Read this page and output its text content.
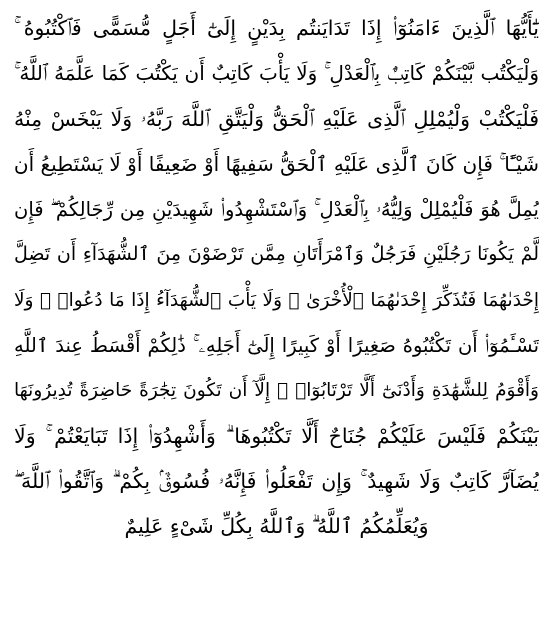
يَٰٓأَيُّهَا ٱلَّذِينَ ءَامَنُوٓا۟ إِذَا تَدَايَنتُم بِدَيْنٍ إِلَىٰٓ أَجَلٍ مُّسَمًّى فَٱكْتُبُوهُ ۚ
وَلْيَكْتُب بَّيْنَكُمْ كَاتِبٌۢ بِٱلْعَدْلِ ۚ وَلَا يَأْبَ كَاتِبٌ أَن يَكْتُبَ كَمَا عَلَّمَهُ ٱللَّهُ ۚ
فَلْيَكْتُبْ وَلْيُمْلِلِ ٱلَّذِى عَلَيْهِ ٱلْحَقُّ وَلْيَتَّقِ ٱللَّهَ رَبَّهُۥ وَلَا يَبْخَسْ مِنْهُ
شَيْـًٔا ۚ فَإِن كَانَ ٱلَّذِى عَلَيْهِ ٱلْحَقُّ سَفِيهًا أَوْ ضَعِيفًا أَوْ لَا يَسْتَطِيعُ أَن
يُمِلَّ هُوَ فَلْيُمْلِلْ وَلِيُّهُۥ بِٱلْعَدْلِ ۚ وَٱسْتَشْهِدُوا۟ شَهِيدَيْنِ مِن رِّجَالِكُمْ ۖ فَإِن
لَّمْ يَكُونَا رَجُلَيْنِ فَرَجُلٌ وَٱمْرَأَتَانِ مِمَّن تَرْضَوْنَ مِنَ ٱلشُّهَدَآءِ أَن تَضِلَّ
إِحْدَىٰهُمَا فَتُذَكِّرَ إِحْدَىٰهُمَا ٱلْأُخْرَىٰ ۚ وَلَا يَأْبَ ٱلشُّهَدَآءُ إِذَا مَا دُعُوا۟ ۚ وَلَا
تَسْـَٔمُوٓا۟ أَن تَكْتُبُوهُ صَغِيرًا أَوْ كَبِيرًا إِلَىٰٓ أَجَلِهِۦ ۚ ذَٰلِكُمْ أَقْسَطُ عِندَ ٱللَّهِ
وَأَقْوَمُ لِلشَّهَٰدَةِ وَأَدْنَىٰٓ أَلَّا تَرْتَابُوٓا۟ ۖ إِلَّآ أَن تَكُونَ تِجَٰرَةً حَاضِرَةً تُدِيرُونَهَا
بَيْنَكُمْ فَلَيْسَ عَلَيْكُمْ جُنَاحٌ أَلَّا تَكْتُبُوهَا ۗ وَأَشْهِدُوٓا۟ إِذَا تَبَايَعْتُمْ ۚ وَلَا
يُضَآرَّ كَاتِبٌ وَلَا شَهِيدٌ ۚ وَإِن تَفْعَلُوا۟ فَإِنَّهُۥ فُسُوقٌۢ بِكُمْ ۗ وَٱتَّقُوا۟ ٱللَّهَ ۖ
وَيُعَلِّمُكُمُ ٱللَّهُ ۗ وَٱللَّهُ بِكُلِّ شَىْءٍ عَلِيمٌ
